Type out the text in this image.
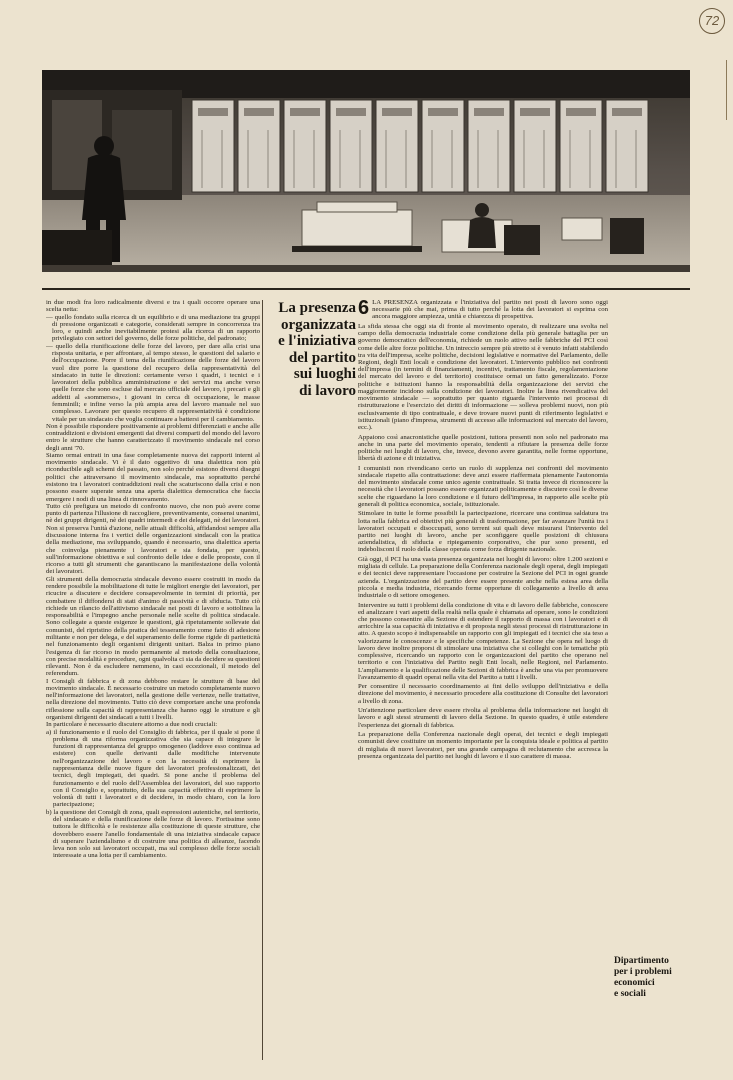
72

in due modi fra loro radicalmente diversi e tra i quali occorre operare una scelta netta:

— quello fondato sulla ricerca di un equilibrio e di una mediazione tra gruppi di pressione organizzati e categorie, considerati sempre in concorrenza tra loro, e quindi anche inevitabilmente protesi alla ricerca di un rapporto privilegiato con settori del governo, delle forze politiche, del padronato;

— quello della riunificazione delle forze del lavoro, per dare alla crisi una risposta unitaria, e per affrontare, al tempo stesso, le questioni del salario e dell'occupazione. Porre il tema della riunificazione delle forze del lavoro vuol dire porre la questione del recupero della rappresentatività del sindacato in tutte le direzioni: certamente verso i quadri, i tecnici e i lavoratori della pubblica amministrazione e dei servizi ma anche verso quelle forze che sono escluse dal mercato ufficiale del lavoro, i precari e gli addetti al «sommerso», i giovani in cerca di occupazione, le masse femminili; e infine verso la più ampia area del lavoro manuale nel suo complesso. Lavorare per questo recupero di rappresentatività è condizione vitale per un sindacato che voglia continuare a battersi per il cambiamento.

Non è possibile rispondere positivamente ai problemi differenziati e anche alle contraddizioni e divisioni emergenti dai diversi comparti del mondo del lavoro entro le strutture che hanno caratterizzato il movimento sindacale nel corso degli anni '70.

Siamo ormai entrati in una fase completamente nuova dei rapporti interni al movimento sindacale. Vi è il dato oggettivo di una dialettica non più riconducibile agli schemi del passato, non solo perché esistono diversi disegni politici che attraversano il movimento sindacale, ma soprattutto perché esistono tra i lavoratori contraddizioni reali che scaturiscono dalla crisi e non possono essere superate senza una aperta dialettica democratica che faccia emergere i nodi di una linea di rinnovamento.

Tutto ciò prefigura un metodo di confronto nuovo, che non può avere come punto di partenza l'illusione di raccogliere, preventivamente, consensi unanimi, nè dei gruppi dirigenti, nè dei quadri intermedi e dei delegati, nè dei lavoratori. Non si preserva l'unità d'azione, nelle attuali difficoltà, affidandosi sempre alla discussione interna fra i vertici delle organizzazioni sindacali con la pratica della mediazione, ma sviluppando, quando è necessario, una dialettica aperta che coinvolga pienamente i lavoratori e sia fondata, per questo, sull'informazione obiettiva e sul confronto delle idee e delle proposte, con il ricorso a tutti gli strumenti che garantiscano la manifestazione della volontà dei lavoratori.

Gli strumenti della democrazia sindacale devono essere costruiti in modo da rendere possibile la mobilitazione di tutte le migliori energie dei lavoratori, per ricucire a discutere e decidere consapevolmente in termini di priorità, per combattere il diffondersi di stati d'animo di passività e di sfiducia. Tutto ciò richiede un rilancio dell'attivismo sindacale nei posti di lavoro e sottolinea la responsabilità e l'impegno anche personale nelle scelte di politica sindacale. Sono collegate a queste esigenze le questioni, già ripetutamente sollevate dai comunisti, del ripristino della pratica del tesseramento come fatto di adesione militante e non per delega, e del superamento delle forme rigide di pariteticità nel funzionamento degli organismi dirigenti unitari. Balza in primo piano l'esigenza di far ricorso in modo permanente al metodo della consultazione, con precise modalità e procedure, ogni qualvolta ci sia da decidere su questioni rilevanti. Non è da escludere nemmeno, in casi eccezionali, il metodo del referendum.

I Consigli di fabbrica e di zona debbono restare le strutture di base del movimento sindacale. È necessario costruire un metodo completamente nuovo nell'informazione dei lavoratori, nella gestione delle vertenze, nelle trattative, nella direzione del movimento. Tutto ciò deve comportare anche una profonda riflessione sulla capacità di rappresentanza che hanno oggi le strutture e gli organismi dirigenti dei sindacati a tutti i livelli.

In particolare è necessario discutere attorno a due nodi cruciali:

a) il funzionamento e il ruolo del Consiglio di fabbrica, per il quale si pone il problema di una riforma organizzativa che sia capace di integrare le funzioni di rappresentanza del gruppo omogeneo (laddove esso continua ad esistere) con quelle derivanti dalle modifiche intervenute nell'organizzazione del lavoro e con la necessità di esprimere la rappresentanza delle nuove figure dei lavoratori professionalizzati, dei tecnici, degli impiegati, dei quadri. Si pone anche il problema del funzionamento e del ruolo dell'Assemblea dei lavoratori, del suo rapporto con il Consiglio e, soprattutto, della sua capacità effettiva di esprimere la volontà di tutti i lavoratori e di decidere, in modo chiaro, con la loro partecipazione;

b) la questione dei Consigli di zona, quali espressioni autentiche, nel territorio, del sindacato e della riunificazione delle forze di lavoro. Fortissime sono tuttora le difficoltà e le resistenze alla costituzione di queste strutture, che dovrebbero essere l'anello fondamentale di una iniziativa sindacale capace di superare l'aziendalismo e di costruire una politica di alleanze, facendo leva non solo sui lavoratori occupati, ma sul complesso delle forze sociali interessate a una lotta per il cambiamento.

La presenza
organizzata
e l'iniziativa
del partito
sui luoghi
di lavoro

6 LA PRESENZA organizzata e l'iniziativa del partito nei posti di lavoro sono oggi necessarie più che mai, prima di tutto perché la lotta dei lavoratori si esprima con ancora maggiore ampiezza, unità e chiarezza di prospettiva.

La sfida stessa che oggi sta di fronte al movimento operaio, di realizzare una svolta nel campo della democrazia industriale come condizione della più generale battaglia per un governo democratico dell'economia, richiede un ruolo attivo nelle fabbriche del PCI così come delle altre forze politiche. Un intreccio sempre più stretto si è venuto infatti stabilendo tra vita dell'impresa, scelte politiche, decisioni legislative e normative del Parlamento, delle Regioni, degli Enti locali e condizione dei lavoratori. L'intervento pubblico nei confronti dell'impresa (in termini di finanziamenti, incentivi, trattamento fiscale, regolamentazione del mercato del lavoro e del territorio) costituisce ormai un fatto generalizzato. Forze politiche e istituzioni hanno la responsabilità della organizzazione dei servizi che maggiormente incidono sulla condizione dei lavoratori. Inoltre la linea rivendicativa del movimento sindacale — soprattutto per quanto riguarda l'intervento nei processi di ristrutturazione e l'esercizio dei diritti di informazione — solleva problemi nuovi, non più esclusivamente di tipo contrattuale, e deve trovare nuovi punti di riferimento legislativi e istituzionali (piano d'impresa, strumenti di accesso alle informazioni sul mercato del lavoro, ecc.).

Appaiono così anacronistiche quelle posizioni, tuttora presenti non solo nel padronato ma anche in una parte del movimento operaio, tendenti a rifiutare la presenza delle forze politiche nei luoghi di lavoro, che, invece, devono avere garantita, nelle forme opportune, libertà di azione e di iniziativa.

I comunisti non rivendicano certo un ruolo di supplenza nei confronti del movimento sindacale rispetto alla contrattazione: deve anzi essere riaffermata pienamente l'autonomia del movimento sindacale come unico agente contrattuale. Si tratta invece di riconoscere la necessità che i lavoratori possano essere organizzati politicamente e discutere così le diverse scelte che riguardano la loro condizione e il futuro dell'impresa, in rapporto alle scelte più generali di politica economica, sociale, istituzionale.

Stimolare in tutte le forme possibili la partecipazione, ricercare una continua saldatura tra lotta nella fabbrica ed obiettivi più generali di trasformazione, per far avanzare l'unità tra i lavoratori occupati e disoccupati, sono terreni sui quali deve misurarsi l'intervento del partito nei luoghi di lavoro, anche per sconfiggere quelle posizioni di chiusura aziendalistica, di sfiducia e ripiegamento corporativo, che pur sono presenti, ed indebolisconi il ruolo della classe operaia come forza dirigente nazionale.

Già oggi, il PCI ha una vasta presenza organizzata nei luoghi di lavoro: oltre 1.200 sezioni e migliaia di cellule. La preparazione della Conferenza nazionale degli operai, degli impiegati e dei tecnici deve rappresentare l'occasione per costruire la Sezione del PCI in ogni grande azienda. L'organizzazione del partito deve essere presente anche nella estesa area della piccola e media industria, ricercando forme opportune di collegamento a livello di area industriale o di settore omogeneo.

Intervenire su tutti i problemi della condizione di vita e di lavoro delle fabbriche, conoscere ed analizzare i vari aspetti della realtà nella quale è chiamata ad operare, sono le condizioni che possono consentire alla Sezione di estendere il rapporto di massa con i lavoratori e di arricchire la sua capacità di iniziativa e di proposta negli stessi processi di ristrutturazione in atto. A questo scopo è indispensabile un rapporto con gli impiegati ed i tecnici che sia teso a valorizzarne le conoscenze e le specifiche competenze. La Sezione che opera nel luogo di lavoro deve inoltre proporsi di stimolare una iniziativa che si colleghi con le tematiche più complessive, ricercando un rapporto con le organizzazioni del partito che operano nel territorio e con l'iniziativa del Partito negli Enti locali, nelle Regioni, nel Parlamento. L'ampliamento e la qualificazione delle Sezioni di fabbrica è anche una via per promuovere l'avanzamento di quadri operai nella vita del Partito a tutti i livelli.

Per consentire il necessario coordinamento ai fini dello sviluppo dell'iniziativa e della direzione del movimento, è necessario procedere alla costituzione di Consulte dei lavoratori a livello di zona.

Un'attenzione particolare deve essere rivolta al problema della informazione nei luoghi di lavoro e agli stessi strumenti di lavoro della Sezione. In questo quadro, è utile estendere l'esperienza dei giornali di fabbrica.

La preparazione della Conferenza nazionale degli operai, dei tecnici e degli impiegati comunisti deve costituire un momento importante per la conquista ideale e politica al partito di migliaia di nuovi lavoratori, per una grande campagna di reclutamento che accresca la presenza organizzata del partito nei luoghi di lavoro e il suo carattere di massa.

Dipartimento
per i problemi
economici
e sociali
